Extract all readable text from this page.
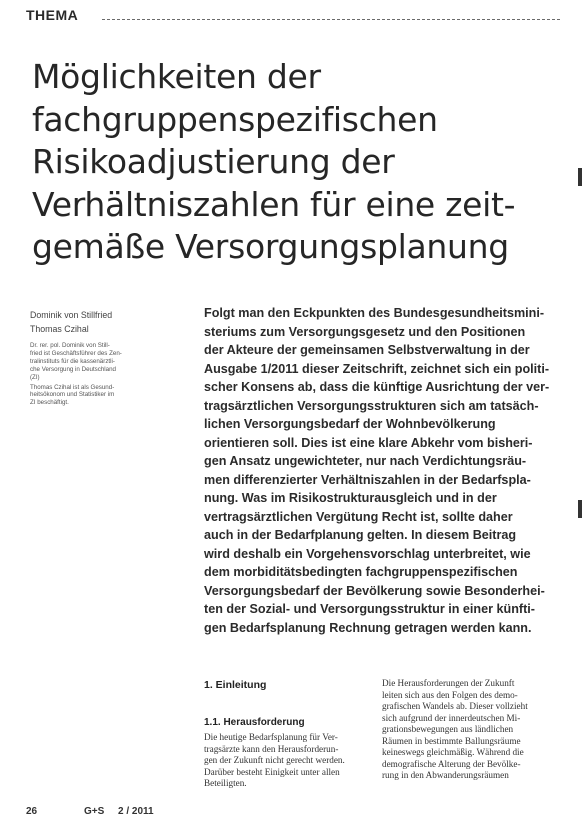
THEMA
Möglichkeiten der
fachgruppenspezifischen
Risikoadjustierung der
Verhältniszahlen für eine zeit-
gemäße Versorgungsplanung
Dominik von Stillfried
Thomas Czihal
Dr. rer. pol. Dominik von Still-
fried ist Geschäftsführer des Zen-
tralinstituts für die kassenärztli-
che Versorgung in Deutschland
(ZI)
Thomas Czihal ist als Gesund-
heitsökonom und Statistiker im
ZI beschäftigt.
Folgt man den Eckpunkten des Bundesgesundheitsmini-
steriums zum Versorgungsgesetz und den Positionen
der Akteure der gemeinsamen Selbstverwaltung in der
Ausgabe 1/2011 dieser Zeitschrift, zeichnet sich ein politi-
scher Konsens ab, dass die künftige Ausrichtung der ver-
tragsärztlichen Versorgungsstrukturen sich am tatsäch-
lichen Versorgungsbedarf der Wohnbevölkerung
orientieren soll. Dies ist eine klare Abkehr vom bisheri-
gen Ansatz ungewichteter, nur nach Verdichtungsräu-
men differenzierter Verhältniszahlen in der Bedarfspla-
nung. Was im Risikostrukturausgleich und in der
vertragsärztlichen Vergütung Recht ist, sollte daher
auch in der Bedarfplanung gelten. In diesem Beitrag
wird deshalb ein Vorgehensvorschlag unterbreitet, wie
dem morbiditätsbedingten fachgruppenspezifischen
Versorgungsbedarf der Bevölkerung sowie Besonderhei-
ten der Sozial- und Versorgungsstruktur in einer künfti-
gen Bedarfsplanung Rechnung getragen werden kann.
1. Einleitung
1.1. Herausforderung
Die heutige Bedarfsplanung für Ver-
tragsärzte kann den Herausforderun-
gen der Zukunft nicht gerecht werden.
Darüber besteht Einigkeit unter allen
Beteiligten.
Die Herausforderungen der Zukunft
leiten sich aus den Folgen des demo-
grafischen Wandels ab. Dieser vollzieht
sich aufgrund der innerdeutschen Mi-
grationsbewegungen aus ländlichen
Räumen in bestimmte Ballungsräume
keineswegs gleichmäßig. Während die
demografische Alterung der Bevölke-
rung in den Abwanderungsräumen
26	G+S 2 / 2011
